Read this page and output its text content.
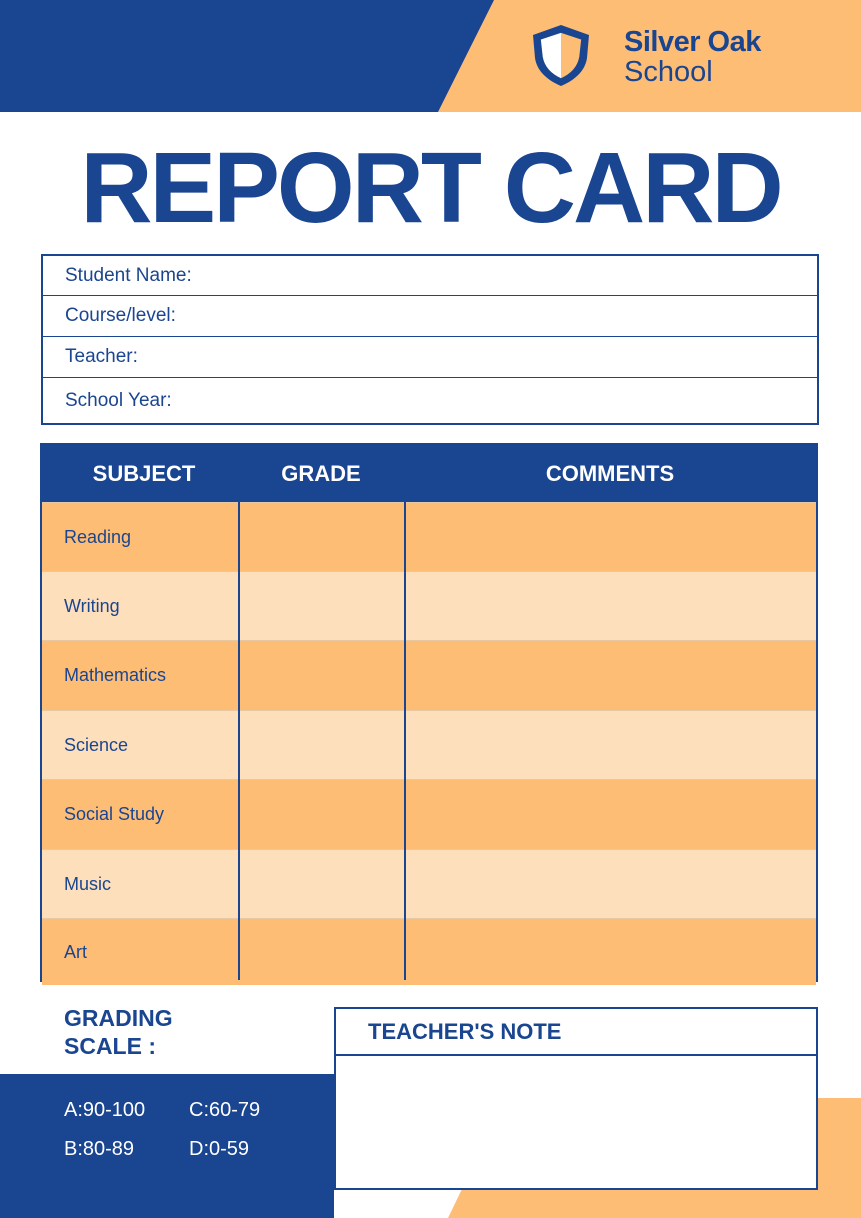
Silver Oak
School
REPORT CARD
Student Name:
Course/level:
Teacher:
School Year:
SUBJECT	GRADE	COMMENTS
Reading
Writing
Mathematics
Science
Social Study
Music
Art
GRADING
SCALE :
A:90-100 C:60-79
B:80-89	D:0-59
TEACHER'S NOTE
